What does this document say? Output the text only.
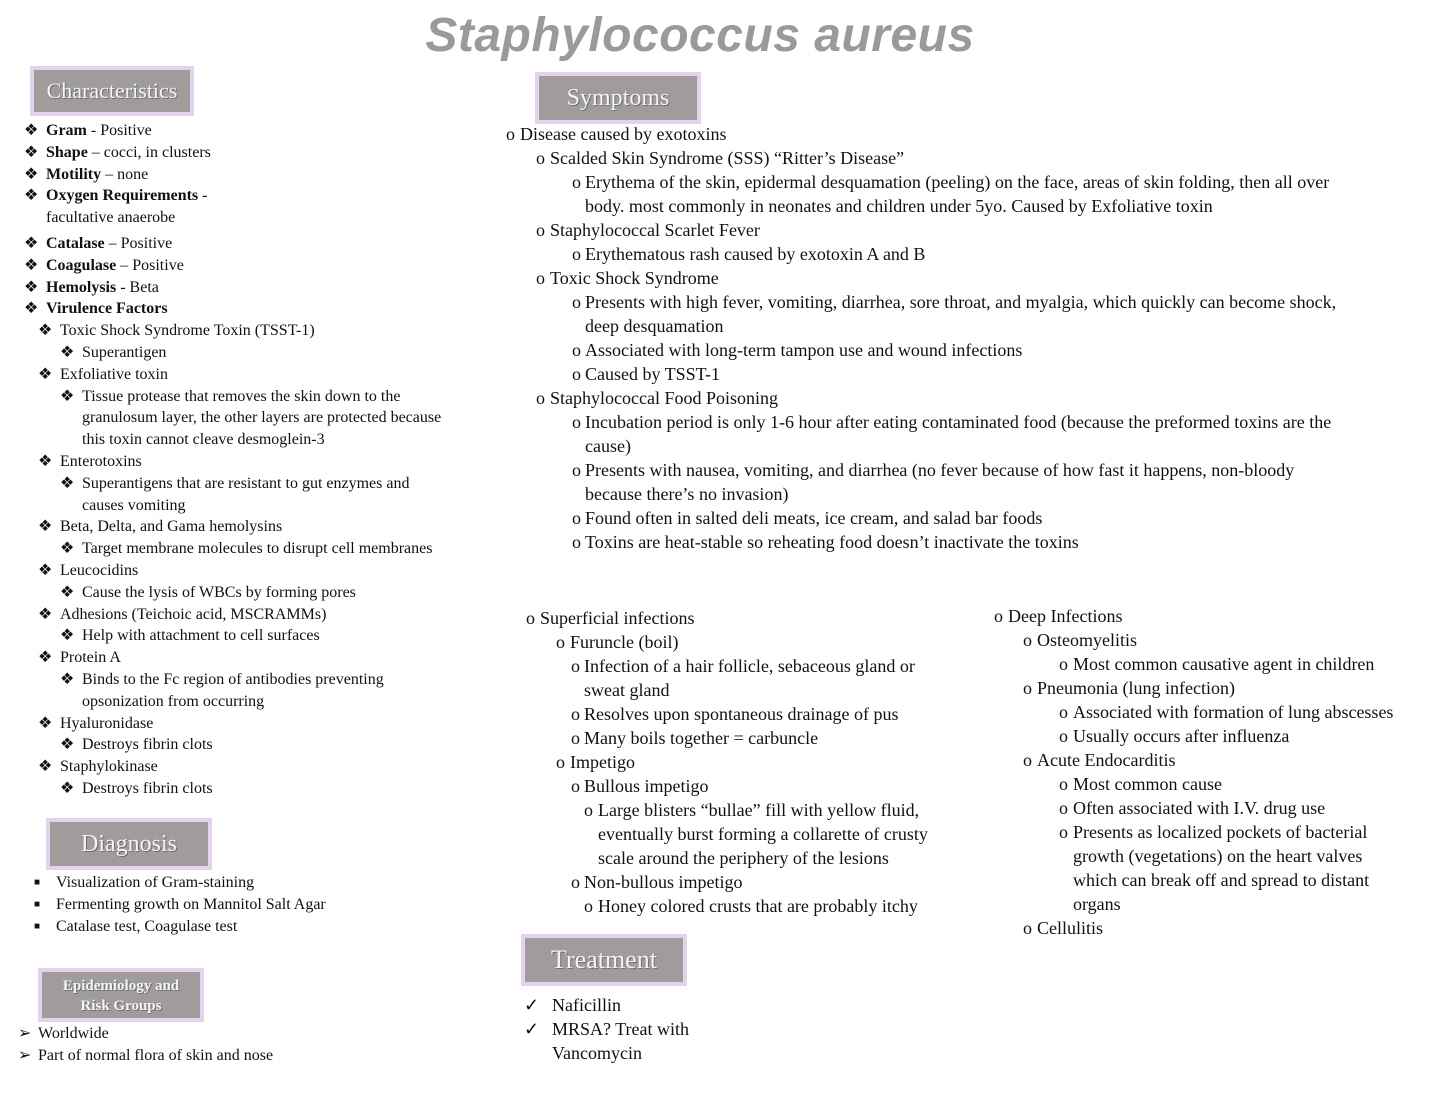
Staphylococcus aureus
Characteristics
❖ Gram - Positive
❖ Shape – cocci, in clusters
❖ Motility – none
❖ Oxygen Requirements -
facultative anaerobe
❖ Catalase – Positive
❖ Coagulase – Positive
❖ Hemolysis - Beta
❖ Virulence Factors
❖ Toxic Shock Syndrome Toxin (TSST-1)
❖ Superantigen
❖ Exfoliative toxin
❖ Tissue protease that removes the skin down to the
granulosum layer, the other layers are protected because
this toxin cannot cleave desmoglein-3
❖ Enterotoxins
❖ Superantigens that are resistant to gut enzymes and
causes vomiting
❖ Beta, Delta, and Gama hemolysins
❖ Target membrane molecules to disrupt cell membranes
❖ Leucocidins
❖ Cause the lysis of WBCs by forming pores
❖ Adhesions (Teichoic acid, MSCRAMMs)
❖ Help with attachment to cell surfaces
❖ Protein A
❖ Binds to the Fc region of antibodies preventing
opsonization from occurring
❖ Hyaluronidase
❖ Destroys fibrin clots
❖ Staphylokinase
❖ Destroys fibrin clots
Diagnosis
■ Visualization of Gram-staining
■ Fermenting growth on Mannitol Salt Agar
■ Catalase test, Coagulase test
Epidemiology and Risk Groups
➢ Worldwide
➢ Part of normal flora of skin and nose
Symptoms
o Disease caused by exotoxins
o Scalded Skin Syndrome (SSS) “Ritter’s Disease”
o Erythema of the skin, epidermal desquamation (peeling) on the face, areas of skin folding, then all over
body. most commonly in neonates and children under 5yo. Caused by Exfoliative toxin
o Staphylococcal Scarlet Fever
o Erythematous rash caused by exotoxin A and B
o Toxic Shock Syndrome
o Presents with high fever, vomiting, diarrhea, sore throat, and myalgia, which quickly can become shock,
deep desquamation
o Associated with long-term tampon use and wound infections
o Caused by TSST-1
o Staphylococcal Food Poisoning
o Incubation period is only 1-6 hour after eating contaminated food (because the preformed toxins are the
cause)
o Presents with nausea, vomiting, and diarrhea (no fever because of how fast it happens, non-bloody
because there’s no invasion)
o Found often in salted deli meats, ice cream, and salad bar foods
o Toxins are heat-stable so reheating food doesn’t inactivate the toxins
o Superficial infections
o Furuncle (boil)
o Infection of a hair follicle, sebaceous gland or
sweat gland
o Resolves upon spontaneous drainage of pus
o Many boils together = carbuncle
o Impetigo
o Bullous impetigo
o Large blisters “bullae” fill with yellow fluid,
eventually burst forming a collarette of crusty
scale around the periphery of the lesions
o Non-bullous impetigo
o Honey colored crusts that are probably itchy
o Deep Infections
o Osteomyelitis
o Most common causative agent in children
o Pneumonia (lung infection)
o Associated with formation of lung abscesses
o Usually occurs after influenza
o Acute Endocarditis
o Most common cause
o Often associated with I.V. drug use
o Presents as localized pockets of bacterial
growth (vegetations) on the heart valves
which can break off and spread to distant
organs
o Cellulitis
Treatment
✓ Naficillin
✓ MRSA? Treat with
Vancomycin
